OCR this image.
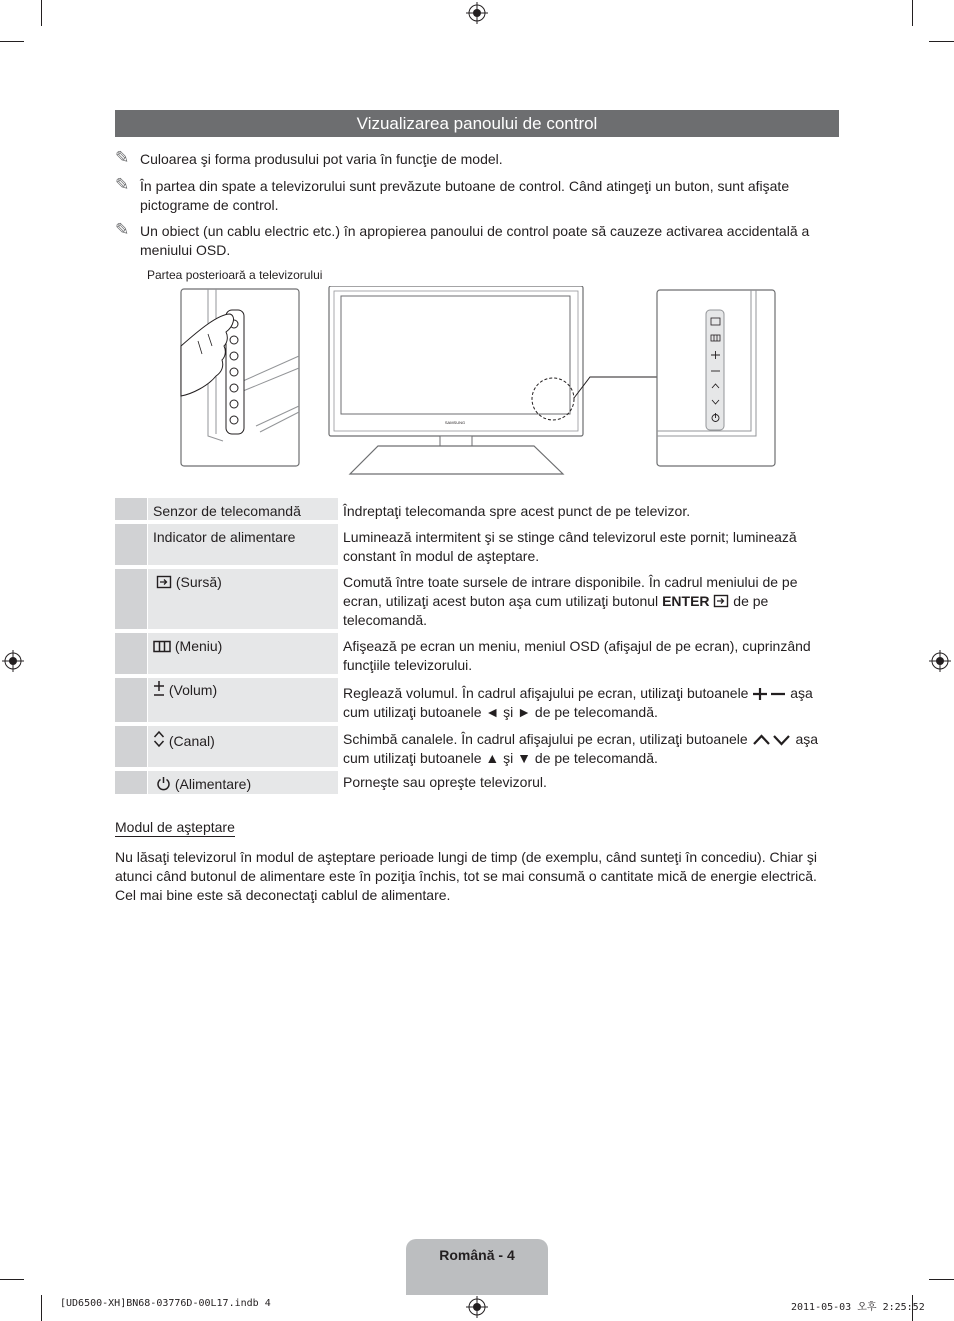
Vizualizarea panoului de control
✎ Culoarea şi forma produsului pot varia în funcţie de model.
✎ În partea din spate a televizorului sunt prevăzute butoane de control. Când atingeţi un buton, sunt afişate pictograme de control.
✎ Un obiect (un cablu electric etc.) în apropierea panoului de control poate să cauzeze activarea accidentală a meniului OSD.
Partea posterioară a televizorului
SAMSUNG
Senzor de telecomandă	Îndreptaţi telecomanda spre acest punct de pe televizor.
Indicator de alimentare	Luminează intermitent şi se stinge când televizorul este pornit; luminează constant în modul de aşteptare.
(Sursă)	Comută între toate sursele de intrare disponibile. În cadrul meniului de pe ecran, utilizaţi acest buton aşa cum utilizaţi butonul ENTER  de pe telecomandă.
(Meniu)	Afişează pe ecran un meniu, meniul OSD (afişajul de pe ecran), cuprinzând funcţiile televizorului.
(Volum)	Reglează volumul. În cadrul afişajului pe ecran, utilizaţi butoanele  aşa cum utilizaţi butoanele ◄ şi ► de pe telecomandă.
(Canal)	Schimbă canalele. În cadrul afişajului pe ecran, utilizaţi butoanele	aşa cum utilizaţi butoanele ▲ şi ▼ de pe telecomandă.
(Alimentare)	Porneşte sau opreşte televizorul.
Modul de aşteptare
Nu lăsaţi televizorul în modul de aşteptare perioade lungi de timp (de exemplu, când sunteţi în concediu). Chiar şi atunci când butonul de alimentare este în poziţia închis, tot se mai consumă o cantitate mică de energie electrică. Cel mai bine este să deconectaţi cablul de alimentare.
Română - 4
[UD6500-XH]BN68-03776D-00L17.indb 4	2011-05-03 오후 2:25:52
